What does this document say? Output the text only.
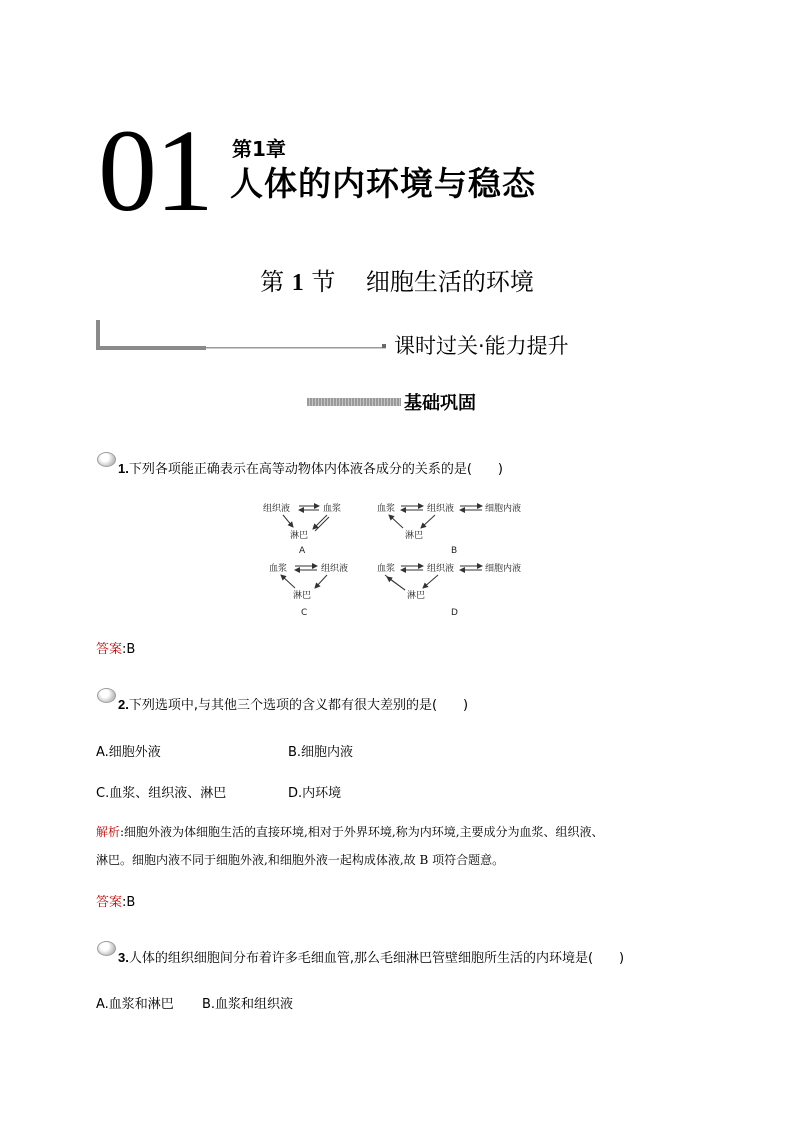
01 第1章
人体的内环境与稳态
第 1 节 细胞生活的环境
课时过关·能力提升
基础巩固
1.下列各项能正确表示在高等动物体内体液各成分的关系的是(　　)
组织液	血浆
淋巴
A
血浆	组织液	细胞内液
淋巴
B
血浆	组织液
淋巴
C
血浆	组织液	细胞内液
淋巴
D
答案:B
2.下列选项中,与其他三个选项的含义都有很大差别的是(　　)
A.细胞外液	B.细胞内液
C.血浆、组织液、淋巴	D.内环境
解析:细胞外液为体细胞生活的直接环境,相对于外界环境,称为内环境,主要成分为血浆、组织液、
淋巴。细胞内液不同于细胞外液,和细胞外液一起构成体液,故 B 项符合题意。
答案:B
3.人体的组织细胞间分布着许多毛细血管,那么毛细淋巴管壁细胞所生活的内环境是(　　)
A.血浆和淋巴 B.血浆和组织液
